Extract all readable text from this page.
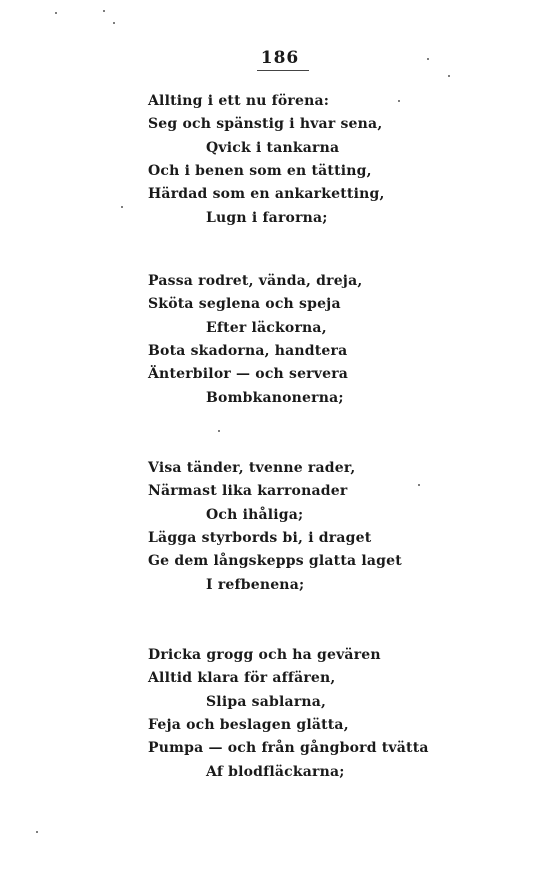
186
Allting i ett nu förena:
Seg och spänstig i hvar sena,
Qvick i tankarna
Och i benen som en tätting,
Härdad som en ankarketting,
Lugn i farorna;
Passa rodret, vända, dreja,
Sköta seglena och speja
Efter läckorna,
Bota skadorna, handtera
Änterbilor — och servera
Bombkanonerna;
Visa tänder, tvenne rader,
Närmast lika karronader
Och ihåliga;
Lägga styrbords bi, i draget
Ge dem långskepps glatta laget
I refbenena;
Dricka grogg och ha gevären
Alltid klara för affären,
Slipa sablarna,
Feja och beslagen glätta,
Pumpa — och från gångbord tvätta
Af blodfläckarna;
